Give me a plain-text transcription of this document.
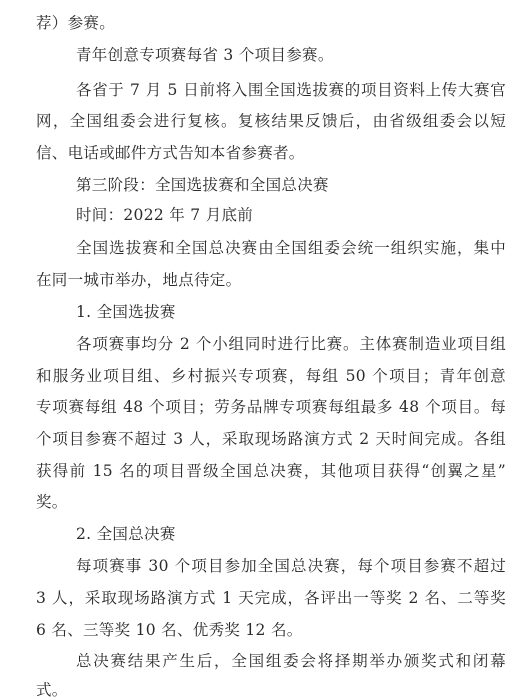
荐）参赛。
青年创意专项赛每省 3 个项目参赛。
各省于 7 月 5 日前将入围全国选拔赛的项目资料上传大赛官
网，全国组委会进行复核。复核结果反馈后，由省级组委会以短
信、电话或邮件方式告知本省参赛者。
第三阶段：全国选拔赛和全国总决赛
时间：2022 年 7 月底前
全国选拔赛和全国总决赛由全国组委会统一组织实施，集中
在同一城市举办，地点待定。
1. 全国选拔赛
各项赛事均分 2 个小组同时进行比赛。主体赛制造业项目组
和服务业项目组、乡村振兴专项赛，每组 50 个项目；青年创意
专项赛每组 48 个项目；劳务品牌专项赛每组最多 48 个项目。每
个项目参赛不超过 3 人，采取现场路演方式 2 天时间完成。各组
获得前 15 名的项目晋级全国总决赛，其他项目获得“创翼之星”
奖。
2. 全国总决赛
每项赛事 30 个项目参加全国总决赛，每个项目参赛不超过
3 人，采取现场路演方式 1 天完成，各评出一等奖 2 名、二等奖
6 名、三等奖 10 名、优秀奖 12 名。
总决赛结果产生后，全国组委会将择期举办颁奖式和闭幕
式。
